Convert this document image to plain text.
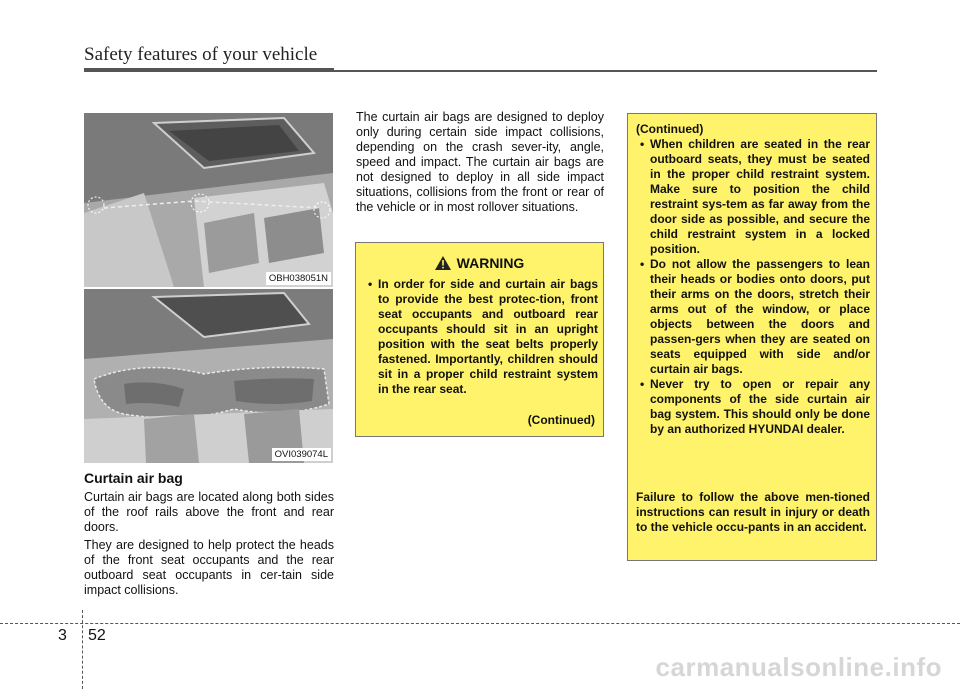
Safety features of your vehicle
OBH038051N
OVI039074L
Curtain air bag

Curtain air bags are located along both sides of the roof rails above the front and rear doors.

They are designed to help protect the heads of the front seat occupants and the rear outboard seat occupants in cer-tain side impact collisions.

The curtain air bags are designed to deploy only during certain side impact collisions, depending on the crash sever-ity, angle, speed and impact. The curtain air bags are not designed to deploy in all side impact situations, collisions from the front or rear of the vehicle or in most rollover situations.

WARNING
• In order for side and curtain air bags to provide the best protec-tion, front seat occupants and outboard rear occupants should sit in an upright position with the seat belts properly fastened. Importantly, children should sit in a proper child restraint system in the rear seat.
(Continued)
(Continued)
• When children are seated in the rear outboard seats, they must be seated in the proper child restraint system. Make sure to position the child restraint sys-tem as far away from the door side as possible, and secure the child restraint system in a locked position.
• Do not allow the passengers to lean their heads or bodies onto doors, put their arms on the doors, stretch their arms out of the window, or place objects between the doors and passen-gers when they are seated on seats equipped with side and/or curtain air bags.
• Never try to open or repair any components of the side curtain air bag system. This should only be done by an authorized HYUNDAI dealer.
Failure to follow the above men-tioned instructions can result in injury or death to the vehicle occu-pants in an accident.
3 52
carmanualsonline.info
